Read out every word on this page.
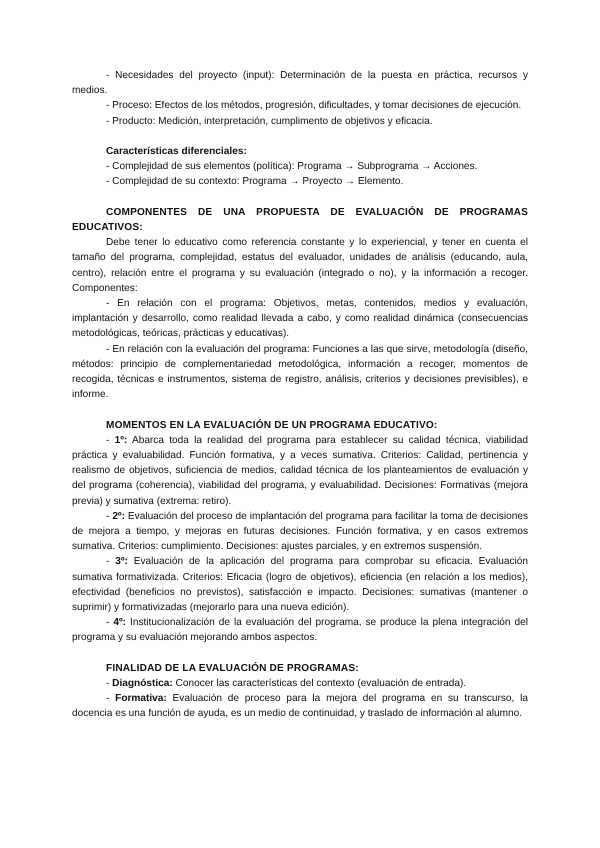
- Necesidades del proyecto (input): Determinación de la puesta en práctica, recursos y medios.

- Proceso: Efectos de los métodos, progresión, dificultades, y tomar decisiones de ejecución.

- Producto: Medición, interpretación, cumplimento de objetivos y eficacia.

Características diferenciales:

- Complejidad de sus elementos (política): Programa → Subprograma → Acciones.

- Complejidad de su contexto: Programa → Proyecto → Elemento.

COMPONENTES DE UNA PROPUESTA DE EVALUACIÓN DE PROGRAMAS EDUCATIVOS:

Debe tener lo educativo como referencia constante y lo experiencial, y tener en cuenta el tamaño del programa, complejidad, estatus del evaluador, unidades de análisis (educando, aula, centro), relación entre el programa y su evaluación (integrado o no), y la información a recoger. Componentes:

- En relación con el programa: Objetivos, metas, contenidos, medios y evaluación, implantación y desarrollo, como realidad llevada a cabo, y como realidad dinámica (consecuencias metodológicas, teóricas, prácticas y educativas).

- En relación con la evaluación del programa: Funciones a las que sirve, metodología (diseño, métodos: principio de complementariedad metodológica, información a recoger, momentos de recogida, técnicas e instrumentos, sistema de registro, análisis, criterios y decisiones previsibles), e informe.

MOMENTOS EN LA EVALUACIÓN DE UN PROGRAMA EDUCATIVO:

- 1º: Abarca toda la realidad del programa para establecer su calidad técnica, viabilidad práctica y evaluabilidad. Función formativa, y a veces sumativa. Criterios: Calidad, pertinencia y realismo de objetivos, suficiencia de medios, calidad técnica de los planteamientos de evaluación y del programa (coherencia), viabilidad del programa, y evaluabilidad. Decisiones: Formativas (mejora previa) y sumativa (extrema: retiro).

- 2º: Evaluación del proceso de implantación del programa para facilitar la toma de decisiones de mejora a tiempo, y mejoras en futuras decisiones. Función formativa, y en casos extremos sumativa. Criterios: cumplimiento. Decisiones: ajustes parciales, y en extremos suspensión.

- 3º: Evaluación de la aplicación del programa para comprobar su eficacia. Evaluación sumativa formativizada. Criterios: Eficacia (logro de objetivos), eficiencia (en relación a los medios), efectividad (beneficios no previstos), satisfacción e impacto. Decisiones: sumativas (mantener o suprimir) y formativizadas (mejorarlo para una nueva edición).

- 4º: Institucionalización de la evaluación del programa, se produce la plena integración del programa y su evaluación mejorando ambos aspectos.

FINALIDAD DE LA EVALUACIÓN DE PROGRAMAS:

- Diagnóstica: Conocer las características del contexto (evaluación de entrada).

- Formativa: Evaluación de proceso para la mejora del programa en su transcurso, la docencia es una función de ayuda, es un medio de continuidad, y traslado de información al alumno.
